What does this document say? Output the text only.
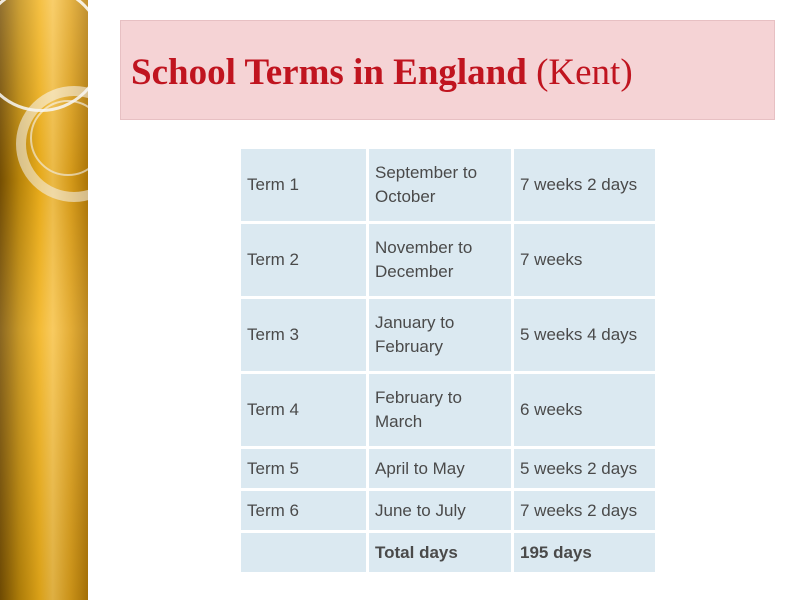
School Terms in England (Kent)
Term 1	September to October	7 weeks 2 days
Term 2	November to December	7 weeks
Term 3	January to February	5 weeks 4 days
Term 4	February to March	6 weeks
Term 5	April to May	5 weeks 2 days
Term 6	June to July	7 weeks 2 days
	Total days	195 days
